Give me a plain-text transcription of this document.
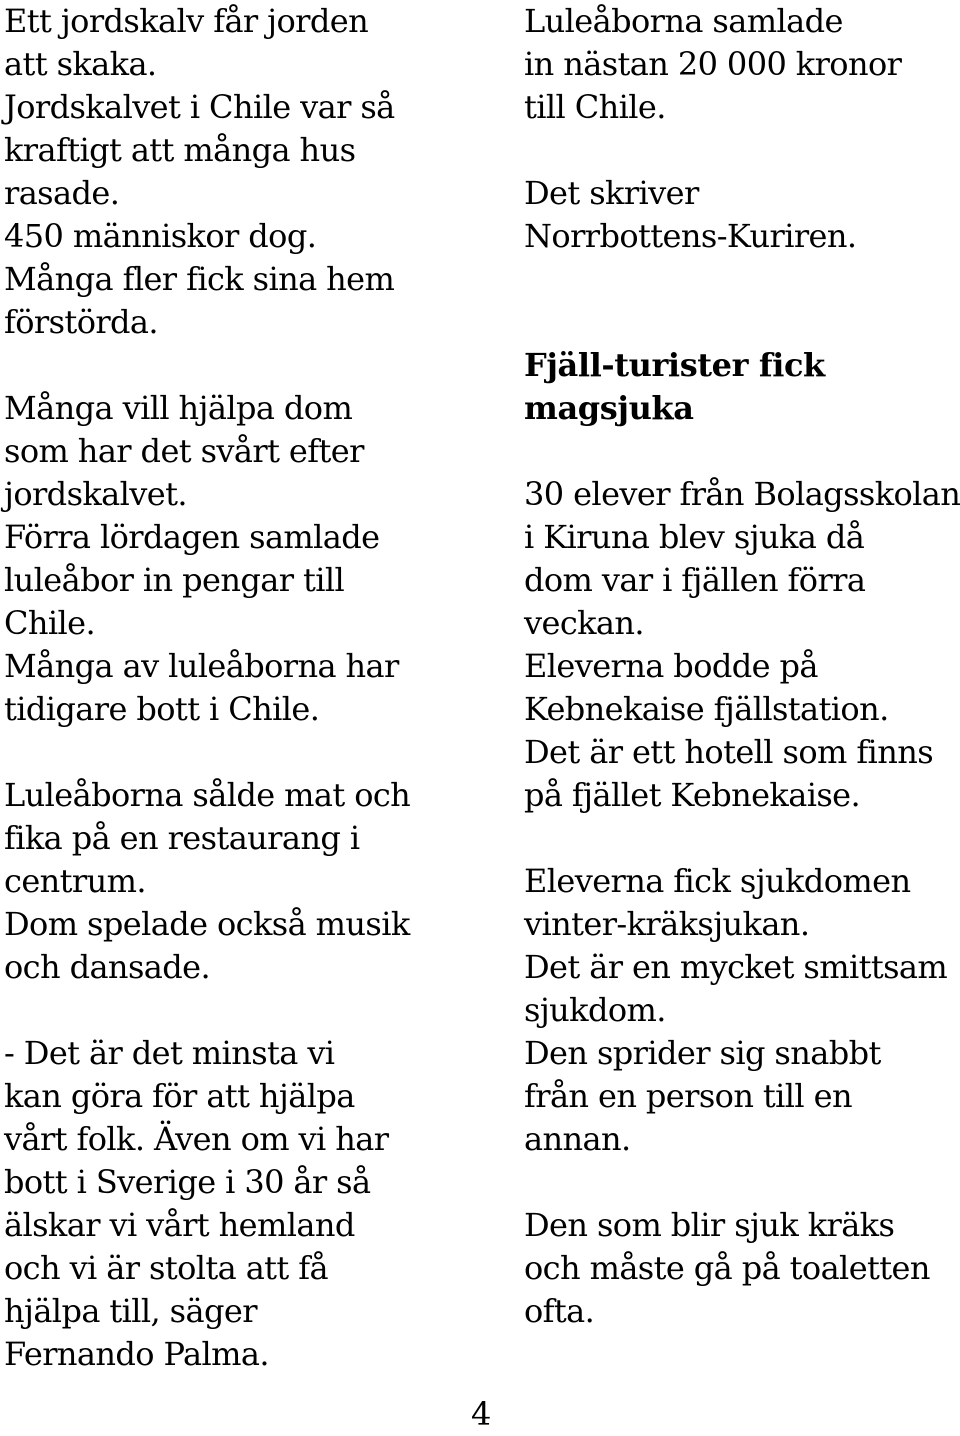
Ett jordskalv får jorden
att skaka.
Jordskalvet i Chile var så
kraftigt att många hus
rasade.
450 människor dog.
Många fler fick sina hem
förstörda.
Många vill hjälpa dom
som har det svårt efter
jordskalvet.
Förra lördagen samlade
luleåbor in pengar till
Chile.
Många av luleåborna har
tidigare bott i Chile.
Luleåborna sålde mat och
fika på en restaurang i
centrum.
Dom spelade också musik
och dansade.
- Det är det minsta vi
kan göra för att hjälpa
vårt folk. Även om vi har
bott i Sverige i 30 år så
älskar vi vårt hemland
och vi är stolta att få
hjälpa till, säger
Fernando Palma.
Luleåborna samlade
in nästan 20 000 kronor
till Chile.
Det skriver
Norrbottens-Kuriren.
Fjäll-turister fick
magsjuka
30 elever från Bolagsskolan
i Kiruna blev sjuka då
dom var i fjällen förra
veckan.
Eleverna bodde på
Kebnekaise fjällstation.
Det är ett hotell som finns
på fjället Kebnekaise.
Eleverna fick sjukdomen
vinter-kräksjukan.
Det är en mycket smittsam
sjukdom.
Den sprider sig snabbt
från en person till en
annan.
Den som blir sjuk kräks
och måste gå på toaletten
ofta.
4
